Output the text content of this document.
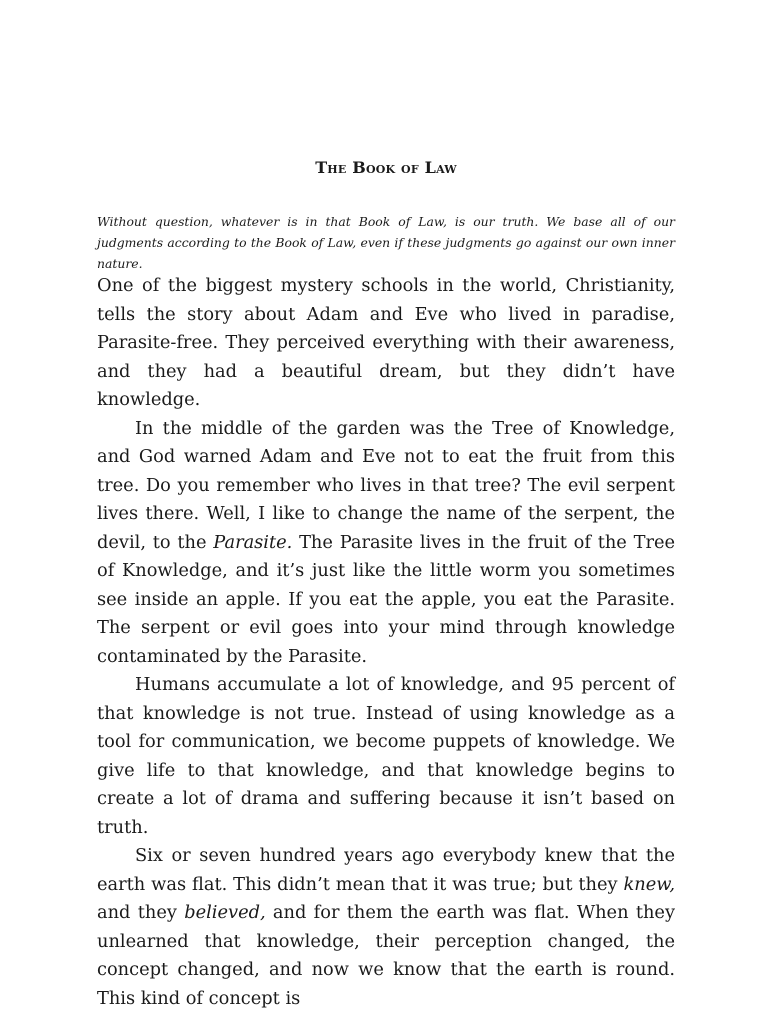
The Book of Law

Without question, whatever is in that Book of Law, is our truth. We base all of our judgments according to the Book of Law, even if these judgments go against our own inner nature.

One of the biggest mystery schools in the world, Christianity, tells the story about Adam and Eve who lived in paradise, Parasite-free. They perceived everything with their awareness, and they had a beautiful dream, but they didn’t have knowledge.

In the middle of the garden was the Tree of Knowledge, and God warned Adam and Eve not to eat the fruit from this tree. Do you remember who lives in that tree? The evil serpent lives there. Well, I like to change the name of the serpent, the devil, to the Parasite. The Parasite lives in the fruit of the Tree of Knowledge, and it’s just like the little worm you sometimes see inside an apple. If you eat the apple, you eat the Parasite. The serpent or evil goes into your mind through knowledge contaminated by the Parasite.

Humans accumulate a lot of knowledge, and 95 percent of that knowledge is not true. Instead of using knowledge as a tool for communication, we become puppets of knowledge. We give life to that knowledge, and that knowledge begins to create a lot of drama and suffering because it isn’t based on truth.

Six or seven hundred years ago everybody knew that the earth was flat. This didn’t mean that it was true; but they knew, and they believed, and for them the earth was flat. When they unlearned that knowledge, their perception changed, the concept changed, and now we know that the earth is round. This kind of concept is
